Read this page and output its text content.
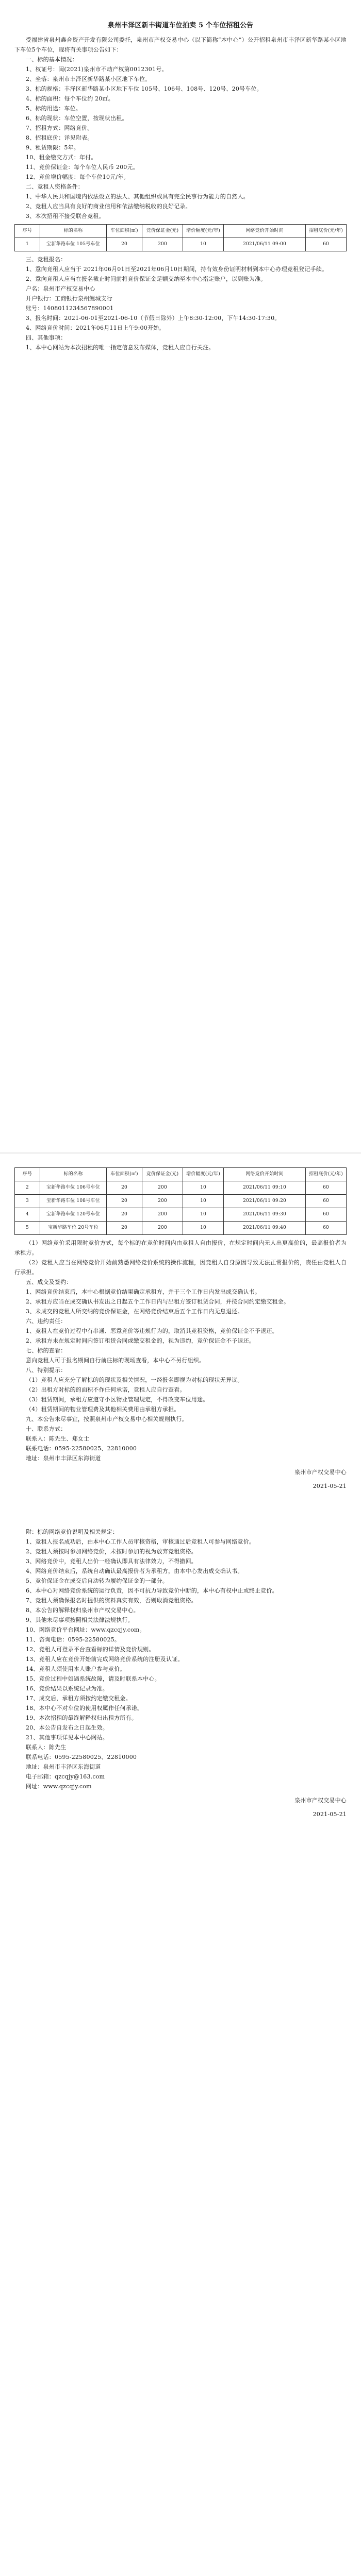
泉州丰泽区新丰街道车位拍卖 5 个车位招租公告

受福建省泉州鑫合资产开发有限公司委托，泉州市产权交易中心（以下简称“本中心”）公开招租泉州市丰泽区新华路某小区地下车位5个车位，现将有关事项公告如下：

一、标的基本情况：

1、权证号：闽(2021)泉州市不动产权第0012301号。

2、坐落：泉州市丰泽区新华路某小区地下车位。

3、标的规格：丰泽区新华路某小区地下车位 105号、106号、108号、120号、20号车位。

4、标的面积：每个车位约 20㎡。

5、标的用途：车位。

6、标的现状：车位空置，按现状出租。

7、招租方式：网络竞价。

8、招租底价：详见附表。

9、租赁期限：5年。

10、租金缴交方式：年付。

11、竞价保证金：每个车位人民币 200元。

12、竞价增价幅度：每个车位10元/年。

二、竞租人资格条件：

1、中华人民共和国境内依法设立的法人、其他组织或具有完全民事行为能力的自然人。

2、竞租人应当具有良好的商业信用和依法缴纳税收的良好记录。

3、本次招租不接受联合竞租。

序号	标的名称	车位面积(㎡)	竞价保证金(元)	增价幅度(元/年)	网络竞价开始时间	招租底价(元/年)
1	宝新华路车位 105号车位	20	200	10	2021/06/11 09:00	60

三、竞租报名：

1、意向竞租人应当于 2021年06月01日至2021年06月10日期间，持有效身份证明材料到本中心办理竞租登记手续。

2、意向竞租人应当在报名截止时间前将竞价保证金足额交纳至本中心指定账户，以到账为准。

户名：泉州市产权交易中心

开户银行：工商银行泉州鲤城支行

账号：1408011234567890001

3、报名时间：2021-06-01至2021-06-10（节假日除外）上午8:30-12:00，下午14:30-17:30。

4、网络竞价时间：2021年06月11日上午9:00开始。

四、其他事项：

1、本中心网站为本次招租的唯一指定信息发布媒体，竞租人应自行关注。

序号	标的名称	车位面积(㎡)	竞价保证金(元)	增价幅度(元/年)	网络竞价开始时间	招租底价(元/年)
2	宝新华路车位 106号车位	20	200	10	2021/06/11 09:10	60
3	宝新华路车位 108号车位	20	200	10	2021/06/11 09:20	60
4	宝新华路车位 120号车位	20	200	10	2021/06/11 09:30	60
5	宝新华路车位 20号车位	20	200	10	2021/06/11 09:40	60

（1）网络竞价采用限时竞价方式，每个标的在竞价时间内由竞租人自由报价，在规定时间内无人出更高价的，最高报价者为承租方。

（2）竞租人应当在网络竞价开始前熟悉网络竞价系统的操作流程，因竞租人自身原因导致无法正常报价的，责任由竞租人自行承担。

五、成交及签约：

1、网络竞价结束后，本中心根据竞价结果确定承租方，并于三个工作日内发出成交确认书。

2、承租方应当在成交确认书发出之日起五个工作日内与出租方签订租赁合同，并按合同约定缴交租金。

3、未成交的竞租人所交纳的竞价保证金，在网络竞价结束后五个工作日内无息退还。

六、违约责任：

1、竞租人在竞价过程中有串通、恶意竞价等违规行为的，取消其竞租资格，竞价保证金不予退还。

2、承租方未在规定时间内签订租赁合同或缴交租金的，视为违约，竞价保证金不予退还。

七、标的查看：

意向竞租人可于报名期间自行前往标的现场查看，本中心不另行组织。

八、特别提示：

（1）竞租人应充分了解标的的现状及相关情况，一经报名即视为对标的现状无异议。

（2）出租方对标的的面积不作任何承诺，竞租人应自行查看。

（3）租赁期间，承租方应遵守小区物业管理规定，不得改变车位用途。

（4）租赁期间的物业管理费及其他相关费用由承租方承担。

九、本公告未尽事宜，按照泉州市产权交易中心相关规则执行。

十、联系方式：

联系人：陈先生、郑女士

联系电话：0595-22580025、22810000

地址：泉州市丰泽区东海街道

泉州市产权交易中心

2021-05-21

附：标的网络竞价说明及相关规定：

1、竞租人报名成功后，由本中心工作人员审核资格，审核通过后竞租人可参与网络竞价。

2、竞租人须按时参加网络竞价，未按时参加的视为放弃竞租资格。

3、网络竞价中，竞租人出价一经确认即具有法律效力，不得撤回。

4、网络竞价结束后，系统自动确认最高报价者为承租方，由本中心发出成交确认书。

5、竞价保证金在成交后自动转为履约保证金的一部分。

6、本中心对网络竞价系统的运行负责，因不可抗力导致竞价中断的，本中心有权中止或终止竞价。

7、竞租人须确保报名时提供的资料真实有效，否则取消竞租资格。

8、本公告的解释权归泉州市产权交易中心。

9、其他未尽事项按照相关法律法规执行。

10、网络竞价平台网址：www.qzcqjy.com。

11、咨询电话：0595-22580025。

12、竞租人可登录平台查看标的详情及竞价规则。

13、竞租人应在竞价开始前完成网络竞价系统的注册及认证。

14、竞租人须使用本人账户参与竞价。

15、竞价过程中如遇系统故障，请及时联系本中心。

16、竞价结果以系统记录为准。

17、成交后，承租方须按约定缴交租金。

18、本中心不对车位的使用权属作任何承诺。

19、本次招租的最终解释权归出租方所有。

20、本公告自发布之日起生效。

21、其他事项详见本中心网站。

联系人：陈先生

联系电话：0595-22580025、22810000

地址：泉州市丰泽区东海街道

电子邮箱：qzcqjy@163.com

网址：www.qzcqjy.com

泉州市产权交易中心

2021-05-21
